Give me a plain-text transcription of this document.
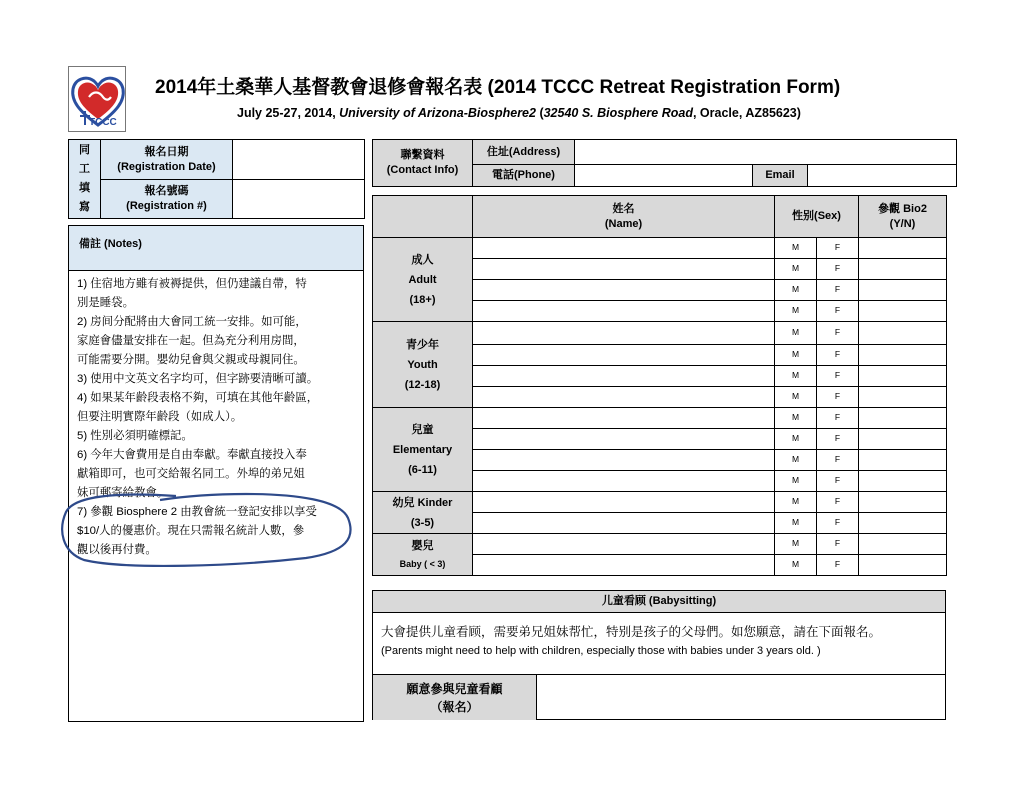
TCCC
2014年土桑華人基督教會退修會報名表 (2014 TCCC Retreat Registration Form)
July 25-27, 2014, University of Arizona-Biosphere2 (32540 S. Biosphere Road, Oracle, AZ85623)
同
工
填
寫	報名日期
(Registration Date)	
	報名號碼
(Registration #)	
備註 (Notes)

1) 住宿地方雖有被褥提供，但仍建議自帶，特

別是睡袋。

2) 房间分配將由大會同工統一安排。如可能，

家庭會儘量安排在一起。但為充分利用房間，

可能需要分開。嬰幼兒會與父親或母親同住。

3) 使用中文英文名字均可，但字跡要清晰可讀。

4) 如果某年齡段表格不夠，可填在其他年齡區，

但要注明實際年齡段（如成人）。

5) 性別必須明確標記。

6) 今年大會費用是自由奉獻。奉獻直接投入奉

獻箱即可，也可交給報名同工。外埠的弟兄姐

妹可郵寄給教會。

7) 參觀 Biosphere 2 由教會統一登記安排以享受

$10/人的優惠价。現在只需報名統計人數，參

觀以後再付費。

聯繫資料
(Contact Info)	住址(Address)			
	電話(Phone)		Email	
	姓名
(Name)	性别(Sex)		參觀 Bio2
(Y/N)
成人
Adult
(18+)		M	F	
		M	F	
		M	F	
		M	F	
青少年
Youth
(12-18)		M	F	
		M	F	
		M	F	
		M	F	
兒童
Elementary
(6-11)		M	F	
		M	F	
		M	F	
		M	F	
幼兒 Kinder
(3-5)		M	F	
		M	F	
嬰兒
Baby ( < 3)		M	F	
		M	F	
儿童看顾 (Babysitting)
大會提供儿童看顾，需要弟兄姐妹帮忙，特别是孩子的父母們。如您願意，請在下面報名。
(Parents might need to help with children, especially those with babies under 3 years old. )
願意參與兒童看顧
（報名）
